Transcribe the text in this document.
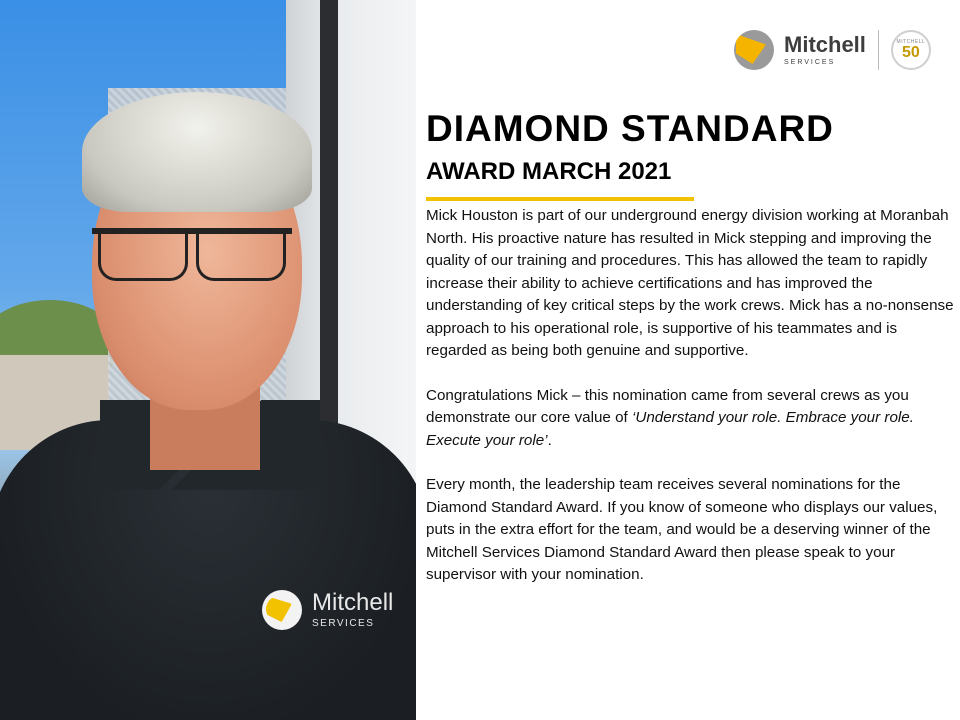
Mitchell
SERVICES
Mitchell
SERVICES
MITCHELL
50
DIAMOND STANDARD
AWARD MARCH 2021

Mick Houston is part of our underground energy division working at Moranbah North. His proactive nature has resulted in Mick stepping and improving the quality of our training and procedures. This has allowed the team to rapidly increase their ability to achieve certifications and has improved the understanding of key critical steps by the work crews. Mick has a no-nonsense approach to his operational role, is supportive of his teammates and is regarded as being both genuine and supportive.

Congratulations Mick – this nomination came from several crews as you demonstrate our core value of ‘Understand your role. Embrace your role. Execute your role’.

Every month, the leadership team receives several nominations for the Diamond Standard Award. If you know of someone who displays our values, puts in the extra effort for the team, and would be a deserving winner of the Mitchell Services Diamond Standard Award then please speak to your supervisor with your nomination.
